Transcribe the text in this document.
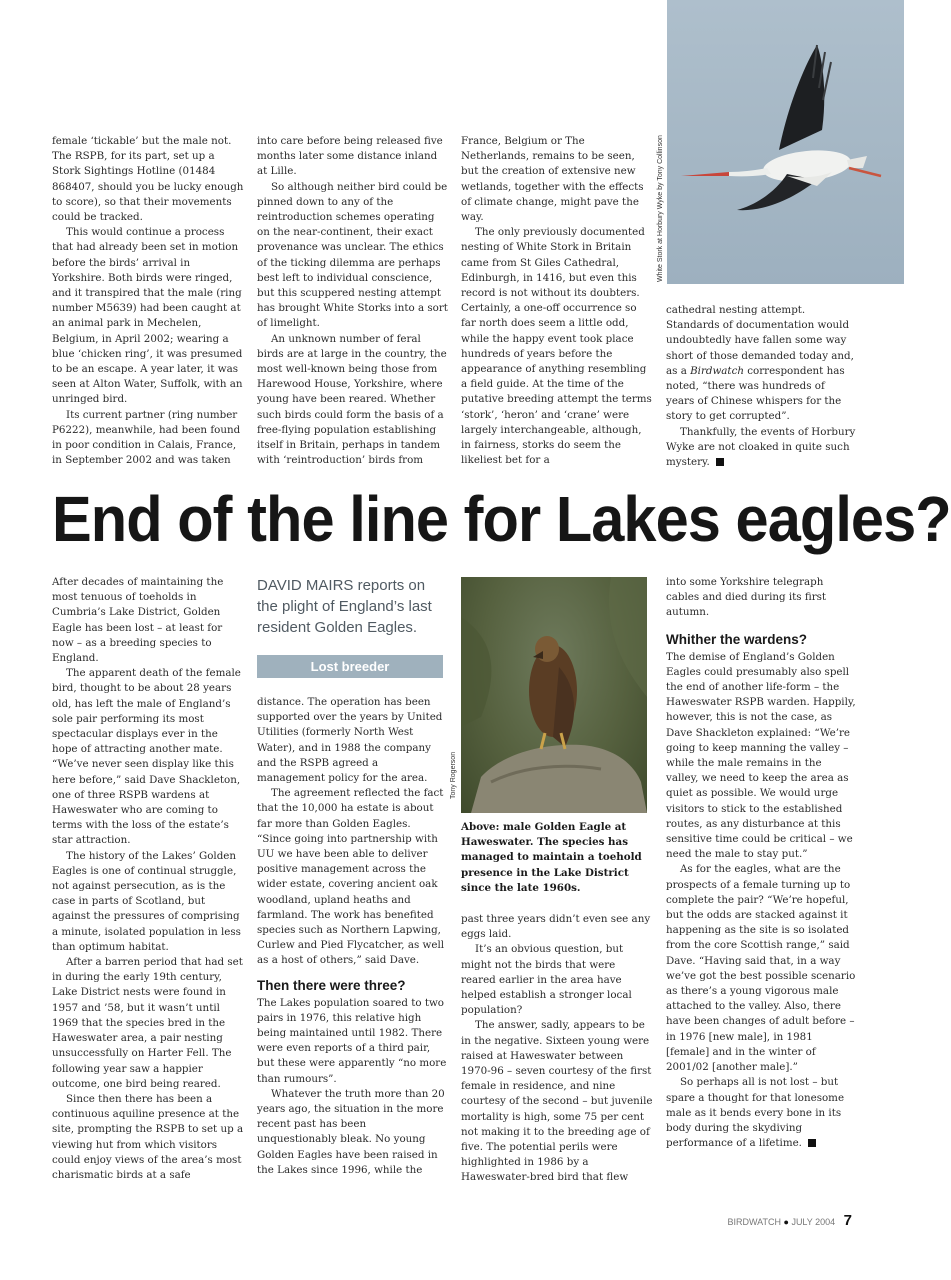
female ‘tickable’ but the male not. The RSPB, for its part, set up a Stork Sightings Hotline (01484 868407, should you be lucky enough to score), so that their movements could be tracked.

This would continue a process that had already been set in motion before the birds’ arrival in Yorkshire. Both birds were ringed, and it transpired that the male (ring number M5639) had been caught at an animal park in Mechelen, Belgium, in April 2002; wearing a blue ‘chicken ring’, it was presumed to be an escape. A year later, it was seen at Alton Water, Suffolk, with an unringed bird.

Its current partner (ring number P6222), meanwhile, had been found in poor condition in Calais, France, in September 2002 and was taken

into care before being released five months later some distance inland at Lille.

So although neither bird could be pinned down to any of the reintroduction schemes operating on the near-continent, their exact provenance was unclear. The ethics of the ticking dilemma are perhaps best left to individual conscience, but this scuppered nesting attempt has brought White Storks into a sort of limelight.

An unknown number of feral birds are at large in the country, the most well-known being those from Harewood House, Yorkshire, where young have been reared. Whether such birds could form the basis of a free-flying population establishing itself in Britain, perhaps in tandem with ‘reintroduction’ birds from

France, Belgium or The Netherlands, remains to be seen, but the creation of extensive new wetlands, together with the effects of climate change, might pave the way.

The only previously documented nesting of White Stork in Britain came from St Giles Cathedral, Edinburgh, in 1416, but even this record is not without its doubters. Certainly, a one-off occurrence so far north does seem a little odd, while the happy event took place hundreds of years before the appearance of anything resembling a field guide. At the time of the putative breeding attempt the terms ‘stork’, ‘heron’ and ‘crane’ were largely interchangeable, although, in fairness, storks do seem the likeliest bet for a

White Stork at Horbury Wyke by Tony Collinson

cathedral nesting attempt. Standards of documentation would undoubtedly have fallen some way short of those demanded today and, as a Birdwatch correspondent has noted, “there was hundreds of years of Chinese whispers for the story to get corrupted”.

Thankfully, the events of Horbury Wyke are not cloaked in quite such mystery.

End of the line for Lakes eagles?

After decades of maintaining the most tenuous of toeholds in Cumbria’s Lake District, Golden Eagle has been lost – at least for now – as a breeding species to England.

The apparent death of the female bird, thought to be about 28 years old, has left the male of England’s sole pair performing its most spectacular displays ever in the hope of attracting another mate. “We’ve never seen display like this here before,” said Dave Shackleton, one of three RSPB wardens at Haweswater who are coming to terms with the loss of the estate’s star attraction.

The history of the Lakes’ Golden Eagles is one of continual struggle, not against persecution, as is the case in parts of Scotland, but against the pressures of comprising a minute, isolated population in less than optimum habitat.

After a barren period that had set in during the early 19th century, Lake District nests were found in 1957 and ’58, but it wasn’t until 1969 that the species bred in the Haweswater area, a pair nesting unsuccessfully on Harter Fell. The following year saw a happier outcome, one bird being reared.

Since then there has been a continuous aquiline presence at the site, prompting the RSPB to set up a viewing hut from which visitors could enjoy views of the area’s most charismatic birds at a safe

DAVID MAIRS reports on the plight of England’s last resident Golden Eagles.
Lost breeder

distance. The operation has been supported over the years by United Utilities (formerly North West Water), and in 1988 the company and the RSPB agreed a management policy for the area.

The agreement reflected the fact that the 10,000 ha estate is about far more than Golden Eagles. “Since going into partnership with UU we have been able to deliver positive management across the wider estate, covering ancient oak woodland, upland heaths and farmland. The work has benefited species such as Northern Lapwing, Curlew and Pied Flycatcher, as well as a host of others,” said Dave.

Then there were three?

The Lakes population soared to two pairs in 1976, this relative high being maintained until 1982. There were even reports of a third pair, but these were apparently “no more than rumours”.

Whatever the truth more than 20 years ago, the situation in the more recent past has been unquestionably bleak. No young Golden Eagles have been raised in the Lakes since 1996, while the

Tony Rogerson
Above: male Golden Eagle at Haweswater. The species has managed to maintain a toehold presence in the Lake District since the late 1960s.

past three years didn’t even see any eggs laid.

It’s an obvious question, but might not the birds that were reared earlier in the area have helped establish a stronger local population?

The answer, sadly, appears to be in the negative. Sixteen young were raised at Haweswater between 1970-96 – seven courtesy of the first female in residence, and nine courtesy of the second – but juvenile mortality is high, some 75 per cent not making it to the breeding age of five. The potential perils were highlighted in 1986 by a Haweswater-bred bird that flew

into some Yorkshire telegraph cables and died during its first autumn.

Whither the wardens?

The demise of England’s Golden Eagles could presumably also spell the end of another life-form – the Haweswater RSPB warden. Happily, however, this is not the case, as Dave Shackleton explained: “We’re going to keep manning the valley – while the male remains in the valley, we need to keep the area as quiet as possible. We would urge visitors to stick to the established routes, as any disturbance at this sensitive time could be critical – we need the male to stay put.”

As for the eagles, what are the prospects of a female turning up to complete the pair? “We’re hopeful, but the odds are stacked against it happening as the site is so isolated from the core Scottish range,” said Dave. “Having said that, in a way we’ve got the best possible scenario as there’s a young vigorous male attached to the valley. Also, there have been changes of adult before – in 1976 [new male], in 1981 [female] and in the winter of 2001/02 [another male].”

So perhaps all is not lost – but spare a thought for that lonesome male as it bends every bone in its body during the skydiving performance of a lifetime.

BIRDWATCH ● JULY 2004 7
